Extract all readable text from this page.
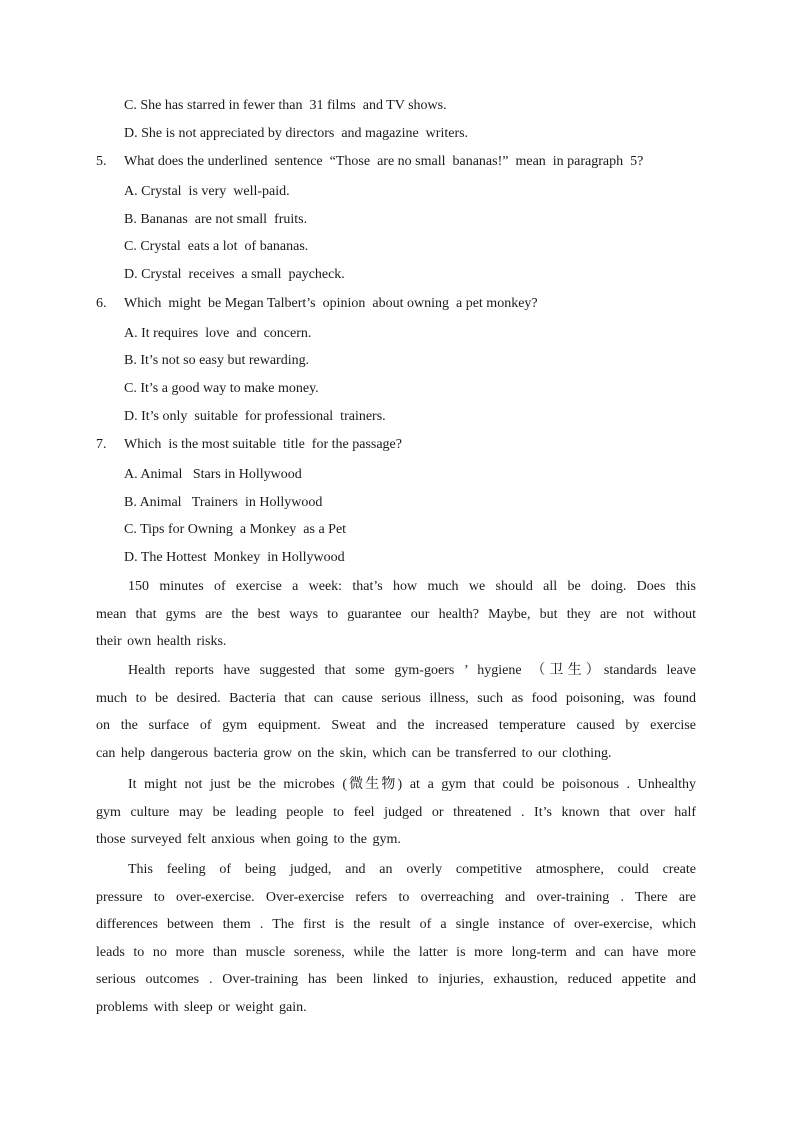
C. She has starred in fewer than  31 films  and TV shows.
D. She is not appreciated by directors  and magazine  writers.
5. What does the underlined  sentence  “Those  are no small  bananas!”  mean  in paragraph  5?
A. Crystal  is very  well-paid.
B. Bananas  are not small  fruits.
C. Crystal  eats a lot  of bananas.
D. Crystal  receives  a small  paycheck.
6. Which  might  be Megan Talbert’s  opinion  about owning  a pet monkey?
A. It requires  love  and  concern.
B. It’s not so easy but rewarding.
C. It’s a good way to make money.
D. It’s only  suitable  for professional  trainers.
7. Which  is the most suitable  title  for the passage?
A. Animal   Stars in Hollywood
B. Animal   Trainers  in Hollywood
C. Tips for Owning  a Monkey  as a Pet
D. The Hottest  Monkey  in Hollywood
150 minutes of exercise a week: that’s how much we should all be doing. Does this
mean that gyms are the best ways to guarantee our health? Maybe, but they are not without
their own health risks.
Health reports have suggested that some gym-goers ’ hygiene （卫生）standards leave
much to be desired. Bacteria that can cause serious illness, such as food poisoning, was found
on the surface of gym equipment. Sweat and the increased temperature caused by exercise
can help dangerous bacteria grow on the skin, which can be transferred to our clothing.
It might not just be the microbes (微生物) at a gym that could be poisonous . Unhealthy
gym culture may be leading people to feel judged or threatened . It’s known that over half
those surveyed felt anxious when going to the gym.
This feeling of being judged, and an overly competitive atmosphere, could create
pressure to over-exercise. Over-exercise refers to overreaching and over-training . There are
differences between them . The first is the result of a single instance of over-exercise, which
leads to no more than muscle soreness, while the latter is more long-term and can have more
serious outcomes . Over-training has been linked to injuries, exhaustion, reduced appetite and
problems with sleep or weight gain.
